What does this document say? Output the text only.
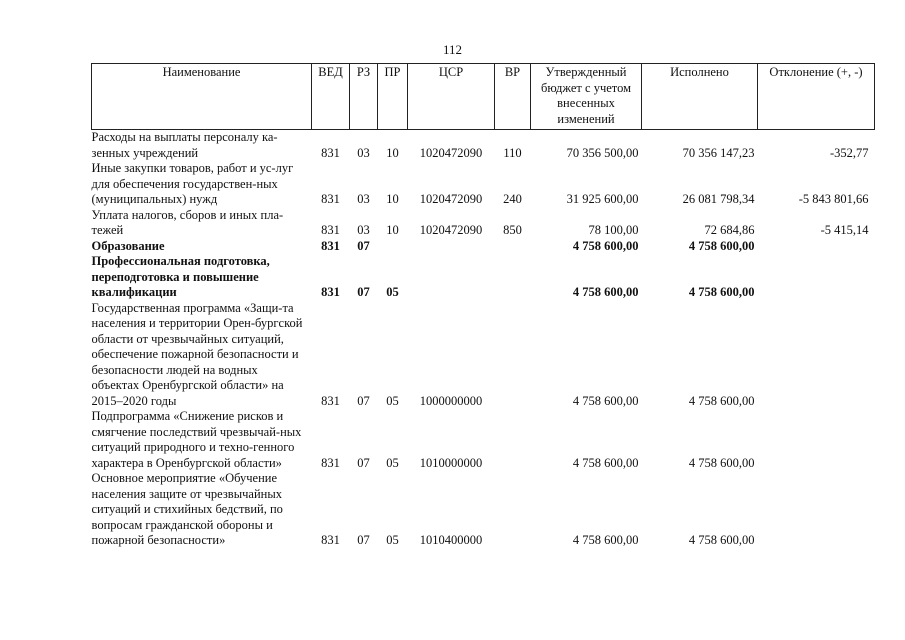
112
Наименование	ВЕД	РЗ	ПР	ЦСР	ВР	Утвержденный бюджет с учетом внесенных изменений	Исполнено	Отклонение (+, -)
Расходы на выплаты персоналу ка-зенных учреждений	831	03	10	1020472090	110	70 356 500,00	70 356 147,23	-352,77
Иные закупки товаров, работ и ус-луг для обеспечения государствен-ных (муниципальных) нужд	831	03	10	1020472090	240	31 925 600,00	26 081 798,34	-5 843 801,66
Уплата налогов, сборов и иных пла-тежей	831	03	10	1020472090	850	78 100,00	72 684,86	-5 415,14
Образование	831	07				4 758 600,00	4 758 600,00	
Профессиональная подготовка, переподготовка и повышение квалификации	831	07	05			4 758 600,00	4 758 600,00	
Государственная программа «Защи-та населения и территории Орен-бургской области от чрезвычайных ситуаций, обеспечение пожарной безопасности и безопасности людей на водных объектах Оренбургской области» на 2015–2020 годы	831	07	05	1000000000		4 758 600,00	4 758 600,00	
Подпрограмма «Снижение рисков и смягчение последствий чрезвычай-ных ситуаций природного и техно-генного характера в Оренбургской области»	831	07	05	1010000000		4 758 600,00	4 758 600,00	
Основное мероприятие «Обучение населения защите от чрезвычайных ситуаций и стихийных бедствий, по вопросам гражданской обороны и пожарной безопасности»	831	07	05	1010400000		4 758 600,00	4 758 600,00	
